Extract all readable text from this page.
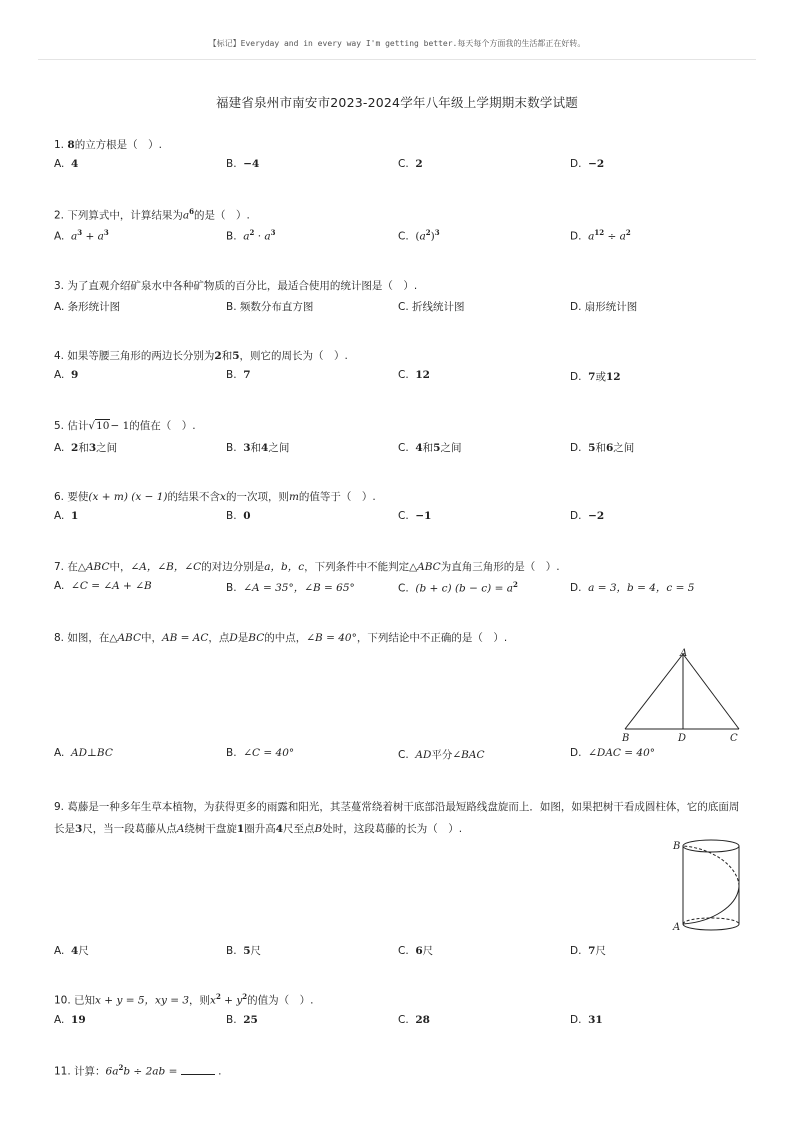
【标记】Everyday and in every way I'm getting better.每天每个方面我的生活都正在好转。
福建省泉州市南安市2023-2024学年八年级上学期期末数学试题
1. 8的立方根是（　）.
A. 4	B. −4	C. 2	D. −2
2. 下列算式中，计算结果为$a^6$的是（　）.
A. $a^3 + a^3$	B. $a^2 \cdot a^3$	C. $(a^2)^3$	D. $a^{12} \div a^2$
3. 为了直观介绍矿泉水中各种矿物质的百分比，最适合使用的统计图是（　）.
A. 条形统计图	B. 频数分布直方图	C. 折线统计图	D. 扇形统计图
4. 如果等腰三角形的两边长分别为2和5，则它的周长为（　）.
A. 9	B. 7	C. 12	D. 7或12
5. 估计√10− 1的值在（　）.
A. 2和3之间	B. 3和4之间	C. 4和5之间	D. 5和6之间
6. 要使(x + m) (x − 1)的结果不含x的一次项，则m的值等于（　）.
A. 1	B. 0	C. −1	D. −2
7. 在△ABC中，∠A，∠B，∠C的对边分别是a，b，c，下列条件中不能判定△ABC为直角三角形的是（　）.
A. ∠C = ∠A + ∠B	B. ∠A = 35°，∠B = 65°	C. (b + c) $(b - c) = a^2$	D. a = 3，b = 4，c = 5
8. 如图，在△ABC中，AB = AC，点D是BC的中点，∠B = 40°，下列结论中不正确的是（　）.
A
B	D	C
A. AD⊥BC	B. ∠C = 40°	C. AD平分∠BAC	D. ∠DAC = 40°
9. 葛藤是一种多年生草本植物，为获得更多的雨露和阳光，其茎蔓常绕着树干底部沿最短路线盘旋而上．如图，如果把树干看成圆柱体，它的底面周
长是3尺，当一段葛藤从点A绕树干盘旋1圈升高4尺至点B处时，这段葛藤的长为（　）.
B
A
A. 4尺	B. 5尺	C. 6尺	D. 7尺
10. 已知x + y = 5，xy = 3，则$x^2 + y^2$的值为（　）.
A. 19	B. 25	C. 28	D. 31
11. 计算：$6a^2b \div 2ab$ =	.
